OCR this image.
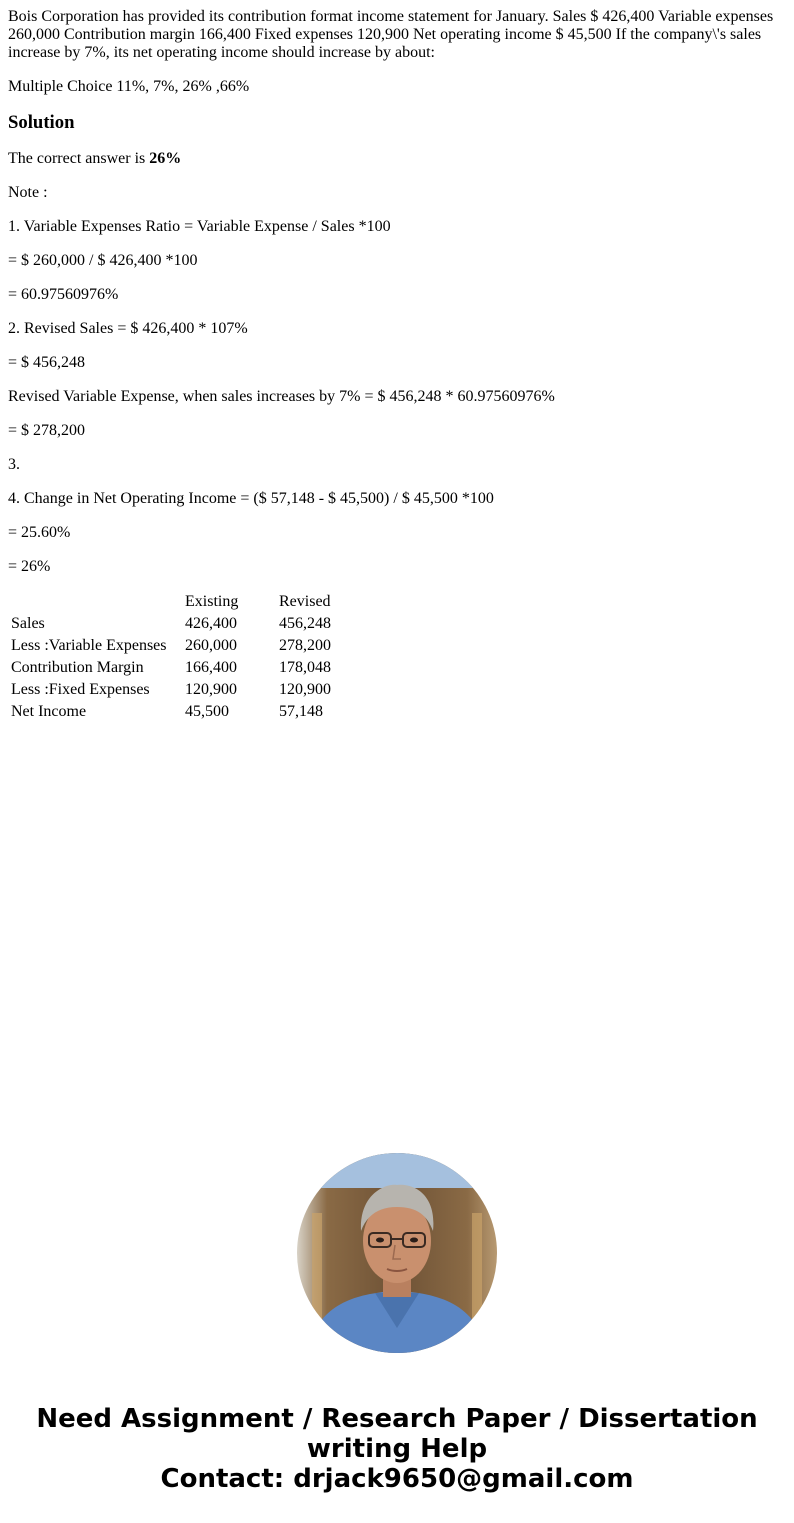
Bois Corporation has provided its contribution format income statement for January. Sales $ 426,400 Variable expenses 260,000 Contribution margin 166,400 Fixed expenses 120,900 Net operating income $ 45,500 If the company\'s sales increase by 7%, its net operating income should increase by about:

Multiple Choice 11%, 7%, 26% ,66%

Solution

The correct answer is 26%

Note :

1. Variable Expenses Ratio = Variable Expense / Sales *100

= $ 260,000 / $ 426,400 *100

= 60.97560976%

2. Revised Sales = $ 426,400 * 107%

= $ 456,248

Revised Variable Expense, when sales increases by 7% = $ 456,248 * 60.97560976%

= $ 278,200

3.

4. Change in Net Operating Income = ($ 57,148 - $ 45,500) / $ 45,500 *100

= 25.60%

= 26%

	Existing	Revised
Sales	426,400	456,248
Less :Variable Expenses	260,000	278,200
Contribution Margin	166,400	178,048
Less :Fixed Expenses	120,900	120,900
Net Income	45,500	57,148
Need Assignment / Research Paper / Dissertation
writing Help
Contact: drjack9650@gmail.com
